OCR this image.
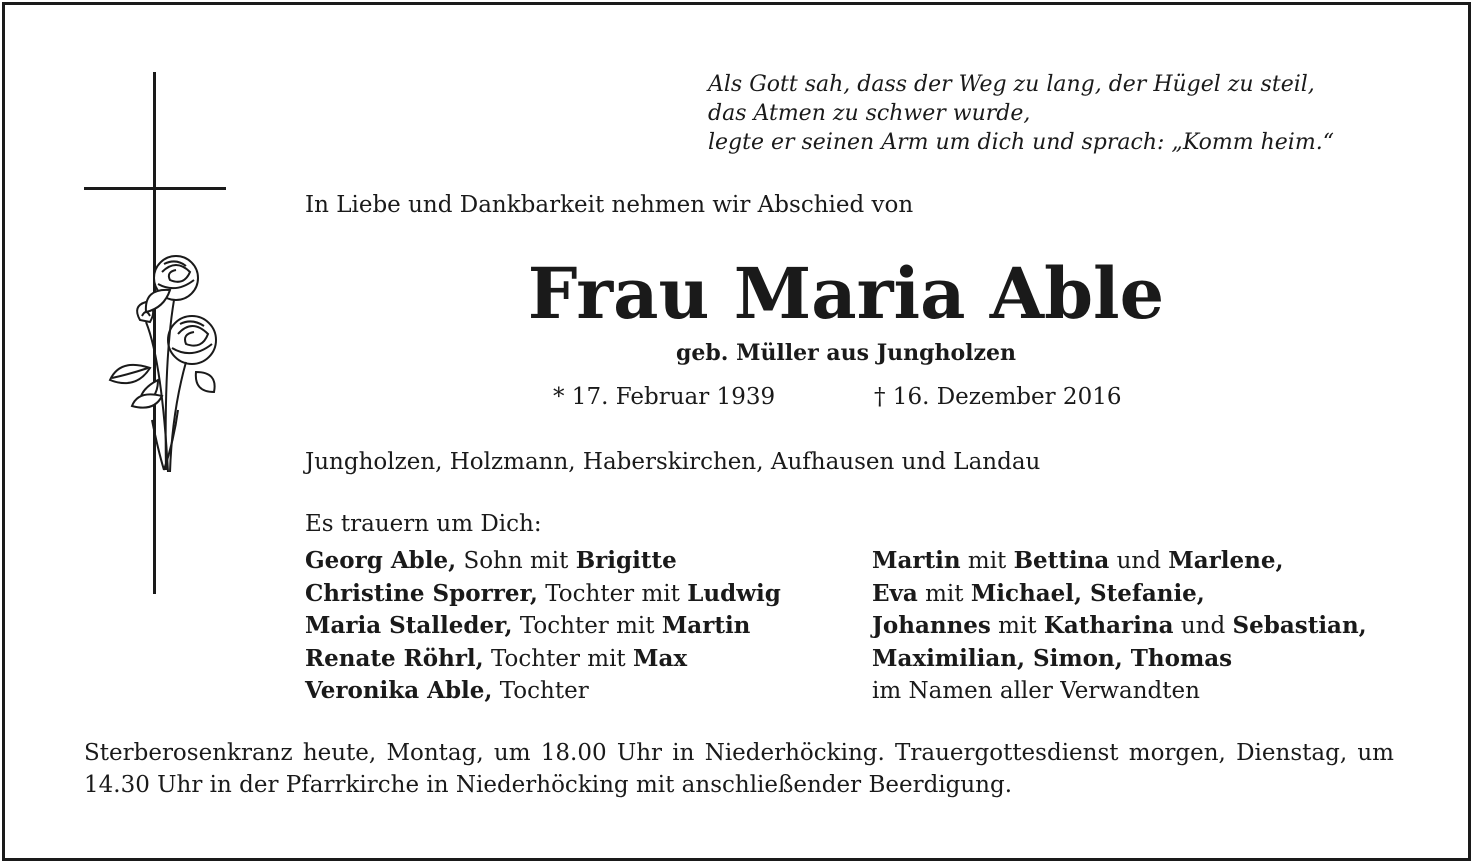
Als Gott sah, dass der Weg zu lang, der Hügel zu steil,
das Atmen zu schwer wurde,
legte er seinen Arm um dich und sprach: „Komm heim.“
In Liebe und Dankbarkeit nehmen wir Abschied von
Frau Maria Able
geb. Müller aus Jungholzen
* 17. Februar 1939	† 16. Dezember 2016
Jungholzen, Holzmann, Haberskirchen, Aufhausen und Landau
Es trauern um Dich:
Georg Able, Sohn mit Brigitte
Christine Sporrer, Tochter mit Ludwig
Maria Stalleder, Tochter mit Martin
Renate Röhrl, Tochter mit Max
Veronika Able, Tochter
Martin mit Bettina und Marlene,
Eva mit Michael, Stefanie,
Johannes mit Katharina und Sebastian,
Maximilian, Simon, Thomas
im Namen aller Verwandten
Sterberosenkranz heute, Montag, um 18.00 Uhr in Niederhöcking. Trauergottesdienst morgen, Dienstag, um 14.30 Uhr in der Pfarrkirche in Niederhöcking mit anschließender Beerdigung.
